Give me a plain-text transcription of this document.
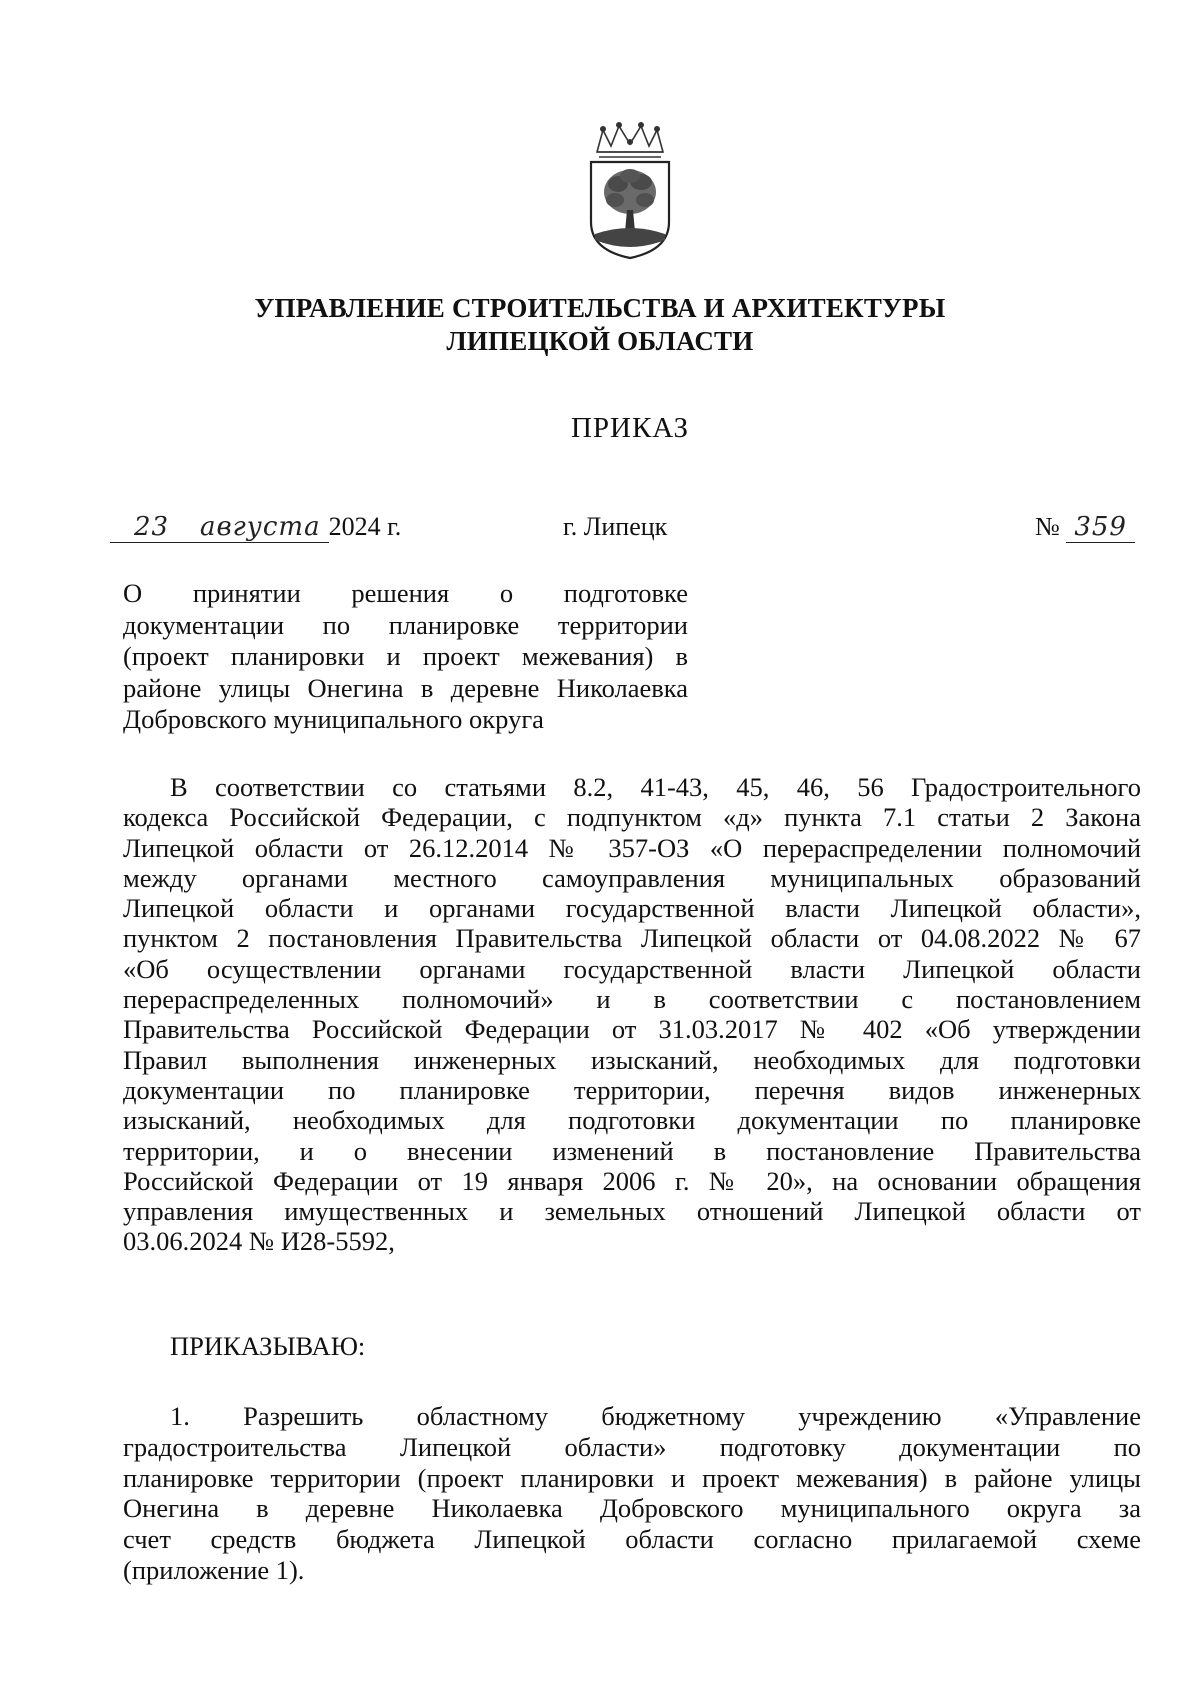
УПРАВЛЕНИЕ СТРОИТЕЛЬСТВА И АРХИТЕКТУРЫ
ЛИПЕЦКОЙ ОБЛАСТИ
ПРИКАЗ
23 августа 2024 г.	г. Липецк	№ 359
О принятии решения о подготовке
документации по планировке территории
(проект планировки и проект межевания) в
районе улицы Онегина в деревне Николаевка
Добровского муниципального округа
В соответствии со статьями 8.2, 41-43, 45, 46, 56 Градостроительного
кодекса Российской Федерации, с подпунктом «д» пункта 7.1 статьи 2 Закона
Липецкой области от 26.12.2014 № 357-ОЗ «О перераспределении полномочий
между органами местного самоуправления муниципальных образований
Липецкой области и органами государственной власти Липецкой области»,
пунктом 2 постановления Правительства Липецкой области от 04.08.2022 № 67
«Об осуществлении органами государственной власти Липецкой области
перераспределенных полномочий» и в соответствии с постановлением
Правительства Российской Федерации от 31.03.2017 № 402 «Об утверждении
Правил выполнения инженерных изысканий, необходимых для подготовки
документации по планировке территории, перечня видов инженерных
изысканий, необходимых для подготовки документации по планировке
территории, и о внесении изменений в постановление Правительства
Российской Федерации от 19 января 2006 г. № 20», на основании обращения
управления имущественных и земельных отношений Липецкой области от
03.06.2024 № И28-5592,
ПРИКАЗЫВАЮ:
1. Разрешить областному бюджетному учреждению «Управление
градостроительства Липецкой области» подготовку документации по
планировке территории (проект планировки и проект межевания) в районе улицы
Онегина в деревне Николаевка Добровского муниципального округа за
счет средств бюджета Липецкой области согласно прилагаемой схеме
(приложение 1).
